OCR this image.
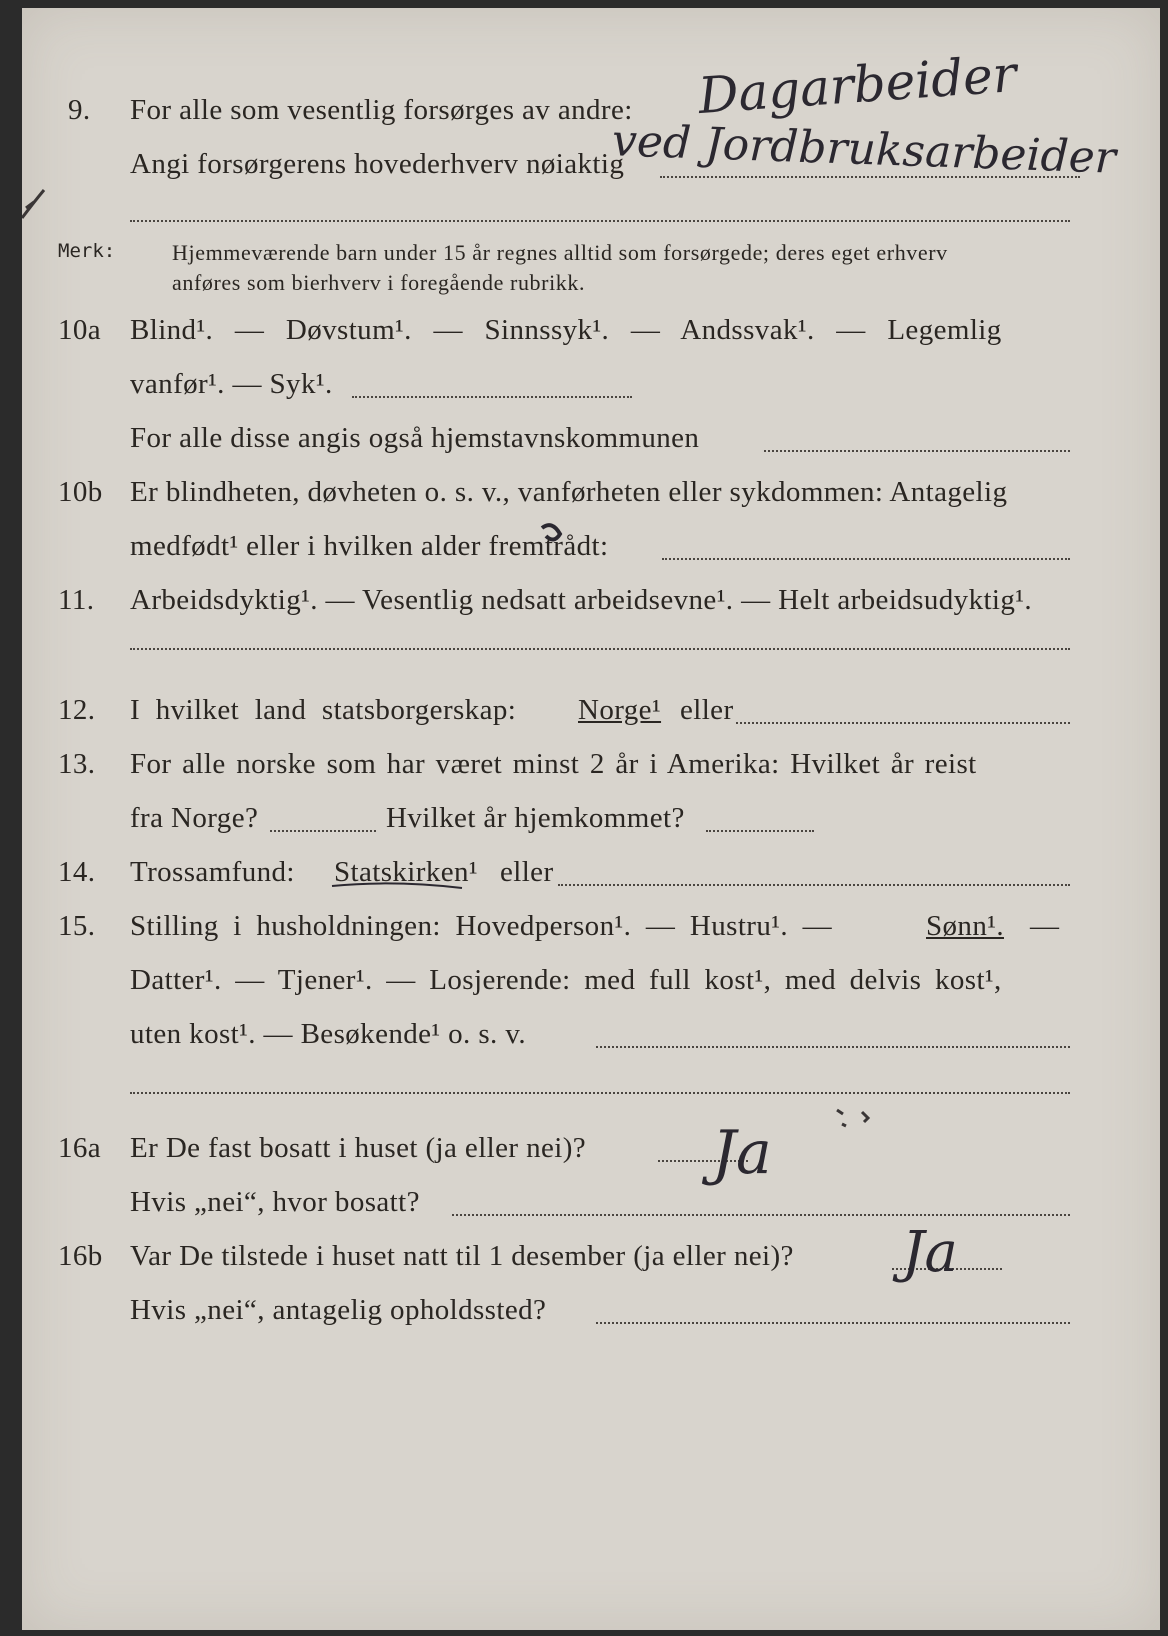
9. For alle som vesentlig forsørges av andre: Dagarbeider
Angi forsørgerens hovederhverv nøiaktig
ved Jordbruksarbeider
Merk:	Hjemmeværende barn under 15 år regnes alltid som forsørgede; deres eget erhverv
anføres som bierhverv i foregående rubrikk.
10a Blind¹. — Døvstum¹. — Sinnssyk¹. — Andssvak¹. — Legemlig
vanfør¹. — Syk¹.
For alle disse angis også hjemstavnskommunen
10b Er blindheten, døvheten o. s. v., vanførheten eller sykdommen: Antagelig
medfødt¹ eller i hvilken alder fremtrådt:
11. Arbeidsdyktig¹. — Vesentlig nedsatt arbeidsevne¹. — Helt arbeidsudyktig¹.
12. I hvilket land statsborgerskap: Norge¹ eller
13. For alle norske som har været minst 2 år i Amerika: Hvilket år reist
fra Norge?	Hvilket år hjemkommet?
14. Trossamfund: Statskirken¹ eller
15. Stilling i husholdningen: Hovedperson¹. — Hustru¹. —	Sønn¹. —
Datter¹. — Tjener¹. — Losjerende: med full kost¹, med delvis kost¹,
uten kost¹. — Besøkende¹ o. s. v.
16a Er De fast bosatt i huset (ja eller nei)? Ja
Hvis „nei“, hvor bosatt?
16b Var De tilstede i huset natt til 1 desember (ja eller nei)? Ja
Hvis „nei“, antagelig opholdssted?
